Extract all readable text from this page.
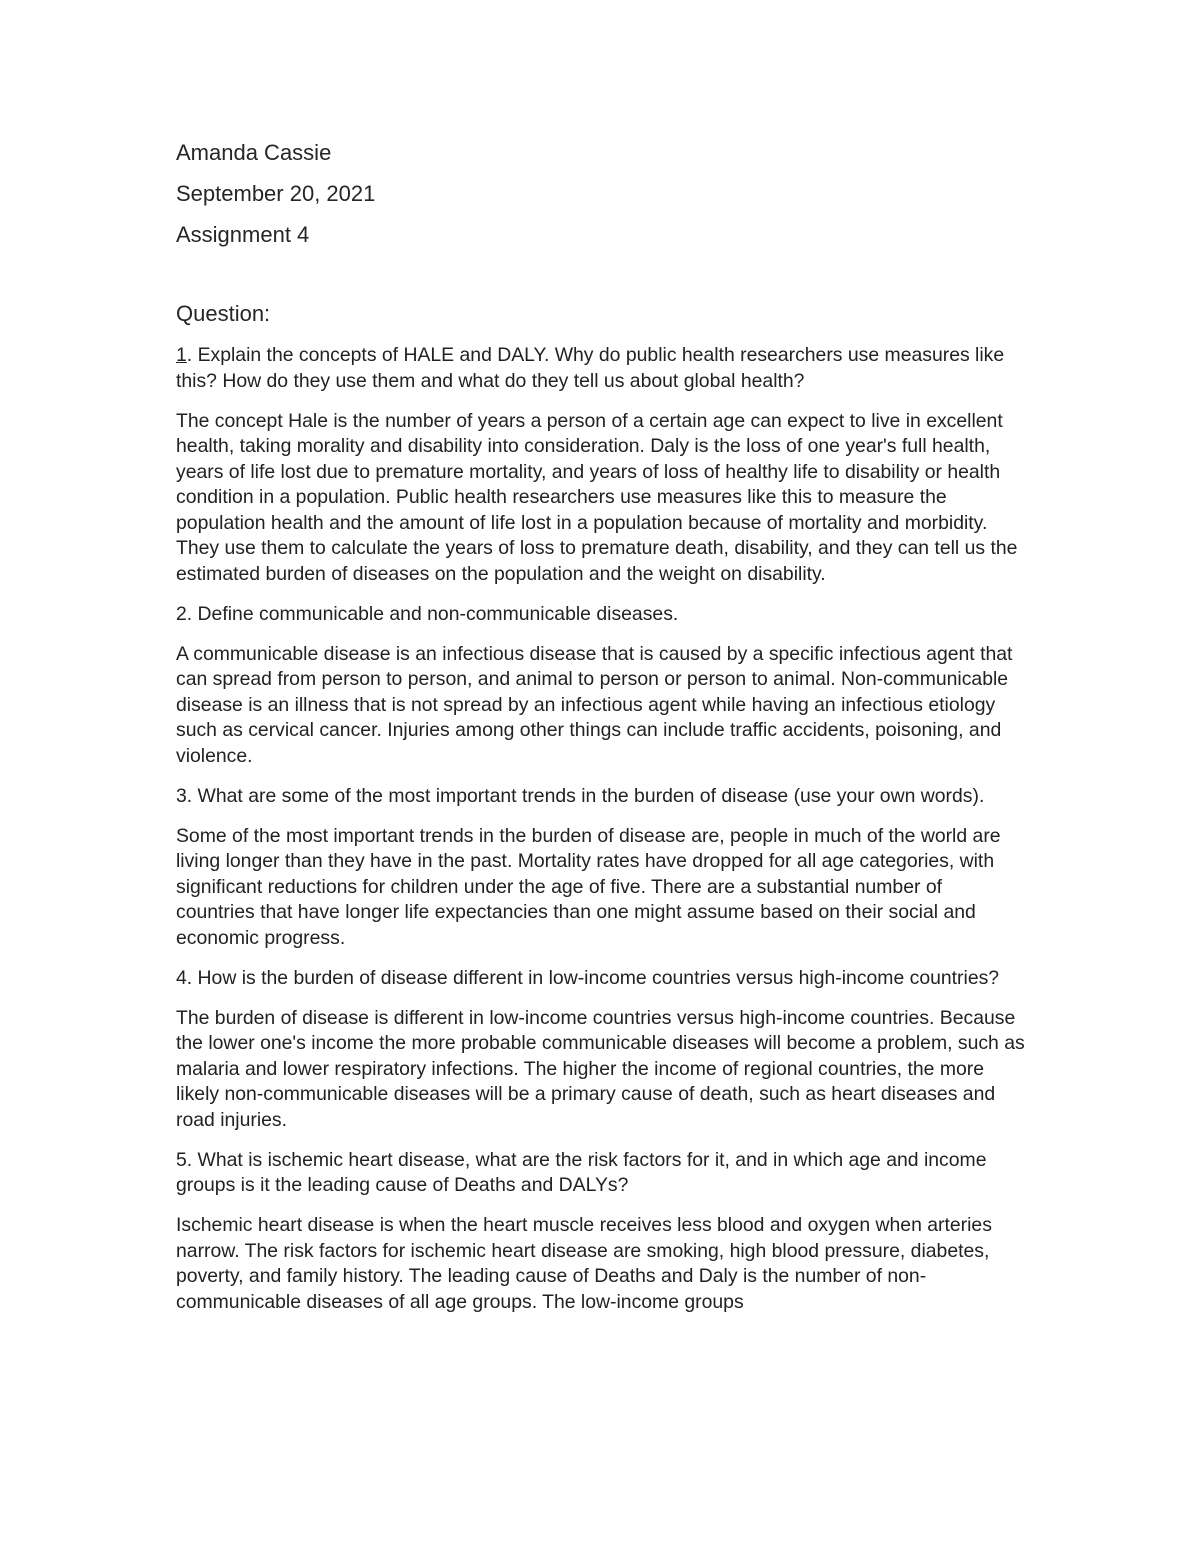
Amanda Cassie
September 20, 2021
Assignment 4
Question:

1. Explain the concepts of HALE and DALY. Why do public health researchers use measures like this? How do they use them and what do they tell us about global health?

The concept Hale is the number of years a person of a certain age can expect to live in excellent health, taking morality and disability into consideration. Daly is the loss of one year's full health, years of life lost due to premature mortality, and years of loss of healthy life to disability or health condition in a population. Public health researchers use measures like this to measure the population health and the amount of life lost in a population because of mortality and morbidity. They use them to calculate the years of loss to premature death, disability, and they can tell us the estimated burden of diseases on the population and the weight on disability.

2. Define communicable and non-communicable diseases.

A communicable disease is an infectious disease that is caused by a specific infectious agent that can spread from person to person, and animal to person or person to animal. Non-communicable disease is an illness that is not spread by an infectious agent while having an infectious etiology such as cervical cancer. Injuries among other things can include traffic accidents, poisoning, and violence.

3. What are some of the most important trends in the burden of disease (use your own words).

Some of the most important trends in the burden of disease are, people in much of the world are living longer than they have in the past. Mortality rates have dropped for all age categories, with significant reductions for children under the age of five. There are a substantial number of countries that have longer life expectancies than one might assume based on their social and economic progress.

4. How is the burden of disease different in low-income countries versus high-income countries?

The burden of disease is different in low-income countries versus high-income countries. Because the lower one's income the more probable communicable diseases will become a problem, such as malaria and lower respiratory infections. The higher the income of regional countries, the more likely non-communicable diseases will be a primary cause of death, such as heart diseases and road injuries.

5. What is ischemic heart disease, what are the risk factors for it, and in which age and income groups is it the leading cause of Deaths and DALYs?

Ischemic heart disease is when the heart muscle receives less blood and oxygen when arteries narrow. The risk factors for ischemic heart disease are smoking, high blood pressure, diabetes, poverty, and family history. The leading cause of Deaths and Daly is the number of non-communicable diseases of all age groups. The low-income groups
